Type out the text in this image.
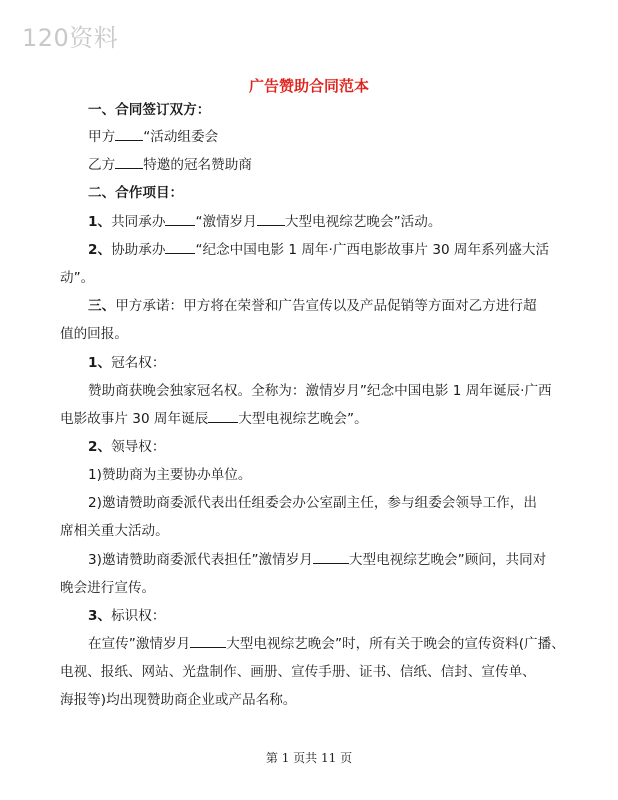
120资料
广告赞助合同范本
一、合同签订双方：
甲方 “活动组委会
乙方 特邀的冠名赞助商
二、合作项目：
1、共同承办 “激情岁月 大型电视综艺晚会”活动。
2、协助承办 “纪念中国电影 1 周年·广西电影故事片 30 周年系列盛大活
动”。
三、甲方承诺：甲方将在荣誉和广告宣传以及产品促销等方面对乙方进行超
值的回报。
1、冠名权：
赞助商获晚会独家冠名权。全称为：激情岁月”纪念中国电影 1 周年诞辰·广西
电影故事片 30 周年诞辰 大型电视综艺晚会”。
2、领导权：
1)赞助商为主要协办单位。
2)邀请赞助商委派代表出任组委会办公室副主任，参与组委会领导工作，出
席相关重大活动。
3)邀请赞助商委派代表担任”激情岁月	大型电视综艺晚会”顾问，共同对
晚会进行宣传。
3、标识权：
在宣传”激情岁月	大型电视综艺晚会”时，所有关于晚会的宣传资料(广播、
电视、报纸、网站、光盘制作、画册、宣传手册、证书、信纸、信封、宣传单、
海报等)均出现赞助商企业或产品名称。
第 1 页共 11 页
